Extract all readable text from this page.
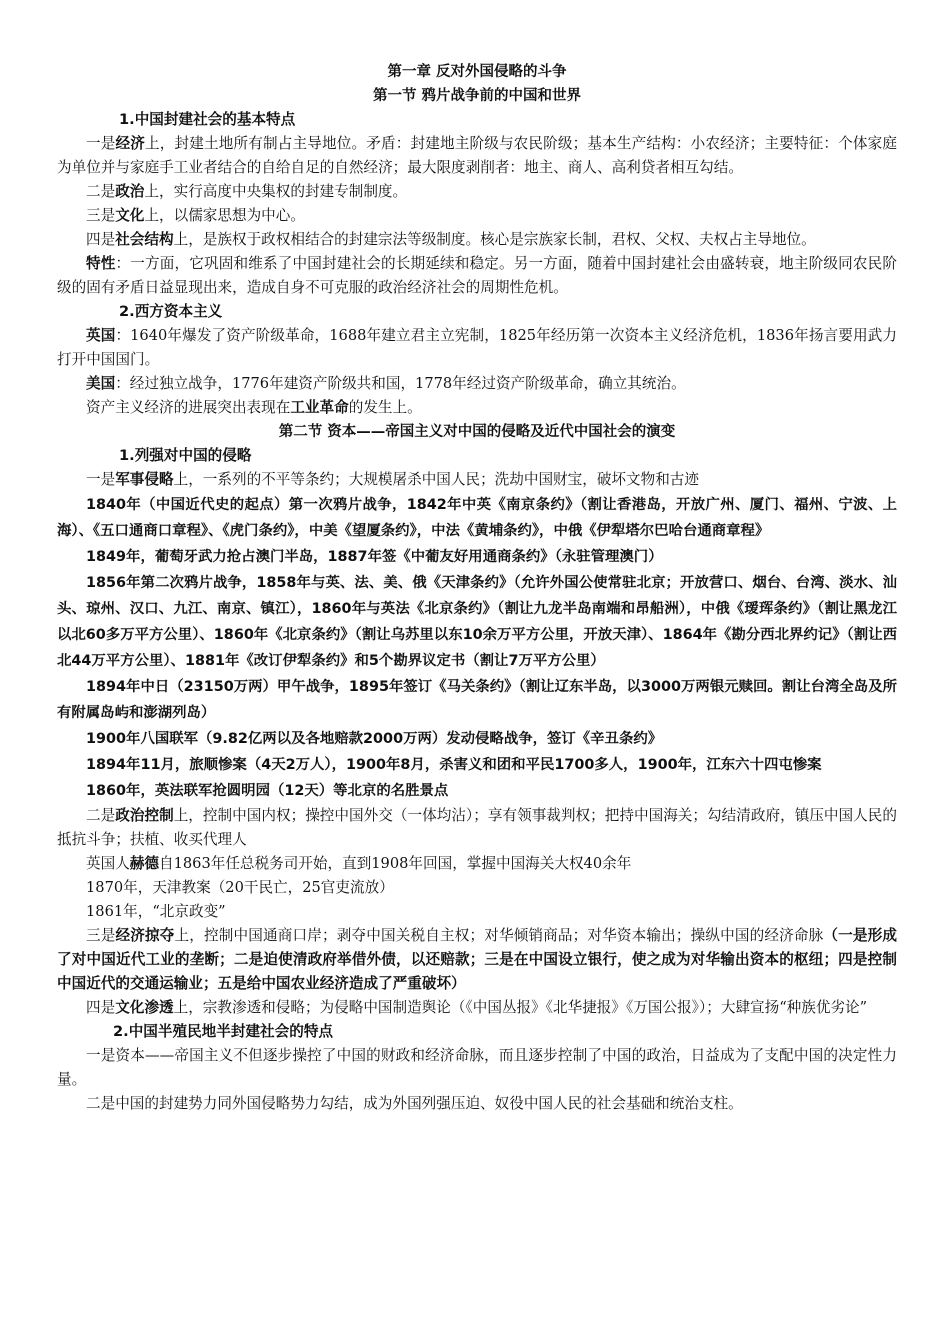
第一章 反对外国侵略的斗争
第一节 鸦片战争前的中国和世界
1.中国封建社会的基本特点

一是经济上，封建土地所有制占主导地位。矛盾：封建地主阶级与农民阶级；基本生产结构：小农经济；主要特征：个体家庭为单位并与家庭手工业者结合的自给自足的自然经济；最大限度剥削者：地主、商人、高利贷者相互勾结。

二是政治上，实行高度中央集权的封建专制制度。

三是文化上，以儒家思想为中心。

四是社会结构上，是族权于政权相结合的封建宗法等级制度。核心是宗族家长制，君权、父权、夫权占主导地位。

特性：一方面，它巩固和维系了中国封建社会的长期延续和稳定。另一方面，随着中国封建社会由盛转衰，地主阶级同农民阶级的固有矛盾日益显现出来，造成自身不可克服的政治经济社会的周期性危机。

2.西方资本主义

英国：1640年爆发了资产阶级革命，1688年建立君主立宪制，1825年经历第一次资本主义经济危机，1836年扬言要用武力打开中国国门。

美国：经过独立战争，1776年建资产阶级共和国，1778年经过资产阶级革命，确立其统治。

资产主义经济的进展突出表现在工业革命的发生上。

第二节 资本——帝国主义对中国的侵略及近代中国社会的演变
1.列强对中国的侵略

一是军事侵略上，一系列的不平等条约；大规模屠杀中国人民；洗劫中国财宝，破坏文物和古迹

1840年（中国近代史的起点）第一次鸦片战争，1842年中英《南京条约》（割让香港岛，开放广州、厦门、福州、宁波、上海）、《五口通商口章程》、《虎门条约》，中美《望厦条约》，中法《黄埔条约》，中俄《伊犁塔尔巴哈台通商章程》

1849年，葡萄牙武力抢占澳门半岛，1887年签《中葡友好用通商条约》（永驻管理澳门）

1856年第二次鸦片战争，1858年与英、法、美、俄《天津条约》（允许外国公使常驻北京；开放营口、烟台、台湾、淡水、汕头、琼州、汉口、九江、南京、镇江），1860年与英法《北京条约》（割让九龙半岛南端和昂船洲），中俄《瑷珲条约》（割让黑龙江以北60多万平方公里）、1860年《北京条约》（割让乌苏里以东10余万平方公里，开放天津）、1864年《勘分西北界约记》（割让西北44万平方公里）、1881年《改订伊犁条约》和5个勘界议定书（割让7万平方公里）

1894年中日（23150万两）甲午战争，1895年签订《马关条约》（割让辽东半岛，以3000万两银元赎回。割让台湾全岛及所有附属岛屿和澎湖列岛）

1900年八国联军（9.82亿两以及各地赔款2000万两）发动侵略战争，签订《辛丑条约》

1894年11月，旅顺惨案（4天2万人），1900年8月，杀害义和团和平民1700多人，1900年，江东六十四屯惨案

1860年，英法联军抢圆明园（12天）等北京的名胜景点

二是政治控制上，控制中国内权；操控中国外交（一体均沾）；享有领事裁判权；把持中国海关；勾结清政府，镇压中国人民的抵抗斗争；扶植、收买代理人

英国人赫德自1863年任总税务司开始，直到1908年回国，掌握中国海关大权40余年

1870年，天津教案（20干民亡，25官吏流放）

1861年，“北京政变”

三是经济掠夺上，控制中国通商口岸；剥夺中国关税自主权；对华倾销商品；对华资本输出；操纵中国的经济命脉（一是形成了对中国近代工业的垄断；二是迫使清政府举借外债，以还赔款；三是在中国设立银行，使之成为对华输出资本的枢纽；四是控制中国近代的交通运输业；五是给中国农业经济造成了严重破坏）

四是文化渗透上，宗教渗透和侵略；为侵略中国制造舆论（《中国丛报》《北华捷报》《万国公报》）；大肆宣扬“种族优劣论”

2.中国半殖民地半封建社会的特点

一是资本——帝国主义不但逐步操控了中国的财政和经济命脉，而且逐步控制了中国的政治，日益成为了支配中国的决定性力量。

二是中国的封建势力同外国侵略势力勾结，成为外国列强压迫、奴役中国人民的社会基础和统治支柱。
